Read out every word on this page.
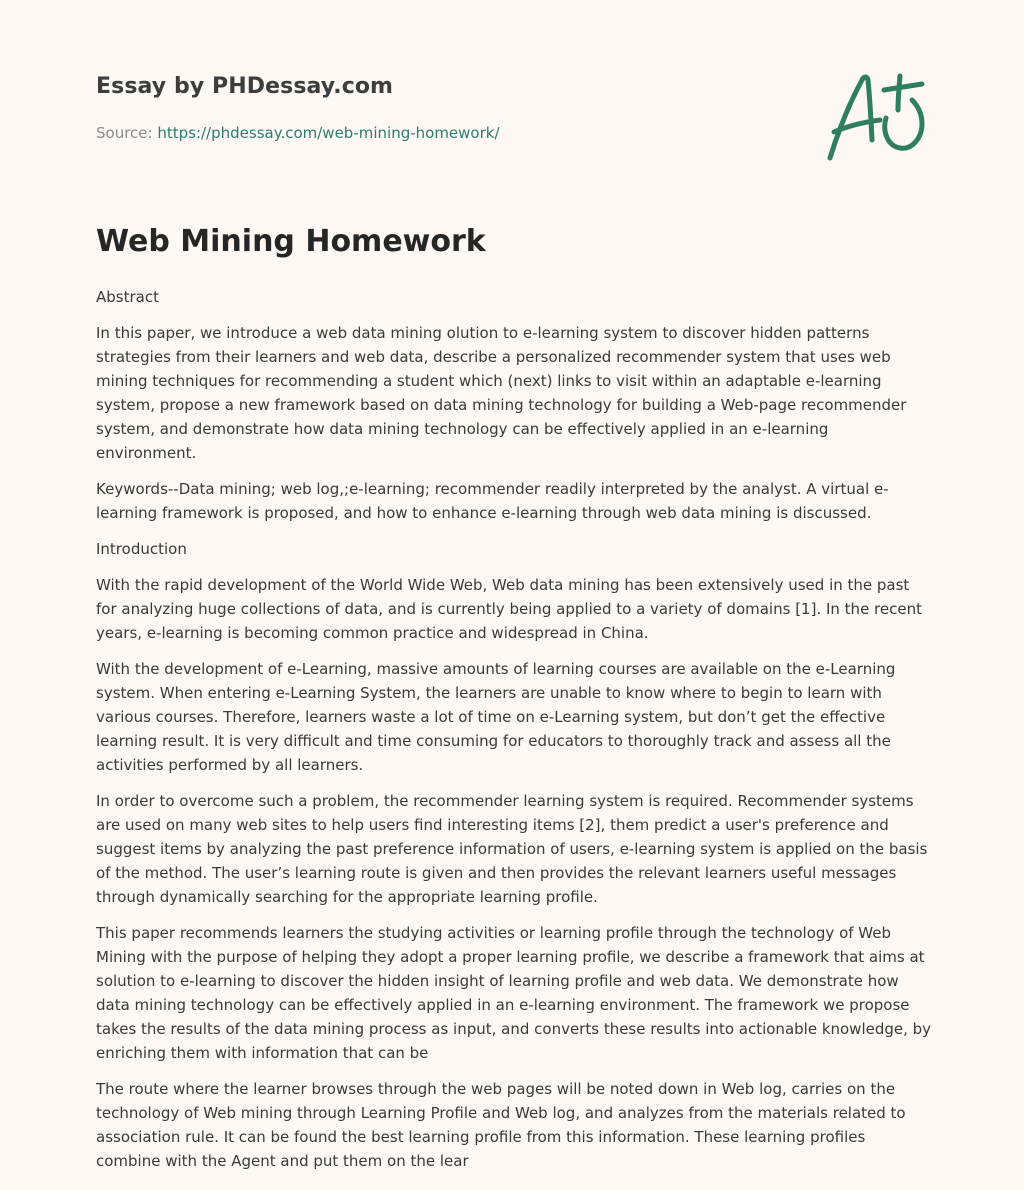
Essay by PHDessay.com
Source: https://phdessay.com/web-mining-homework/
Web Mining Homework

Abstract

In this paper, we introduce a web data mining olution to e-learning system to discover hidden patterns strategies from their learners and web data, describe a personalized recommender system that uses web mining techniques for recommending a student which (next) links to visit within an adaptable e-learning system, propose a new framework based on data mining technology for building a Web-page recommender system, and demonstrate how data mining technology can be effectively applied in an e-learning environment.

Keywords--Data mining; web log,;e-learning; recommender readily interpreted by the analyst. A virtual e-learning framework is proposed, and how to enhance e-learning through web data mining is discussed.

Introduction

With the rapid development of the World Wide Web, Web data mining has been extensively used in the past for analyzing huge collections of data, and is currently being applied to a variety of domains [1]. In the recent years, e-learning is becoming common practice and widespread in China.

With the development of e-Learning, massive amounts of learning courses are available on the e-Learning system. When entering e-Learning System, the learners are unable to know where to begin to learn with various courses. Therefore, learners waste a lot of time on e-Learning system, but don’t get the effective learning result. It is very difficult and time consuming for educators to thoroughly track and assess all the activities performed by all learners.

In order to overcome such a problem, the recommender learning system is required. Recommender systems are used on many web sites to help users find interesting items [2], them predict a user's preference and suggest items by analyzing the past preference information of users, e-learning system is applied on the basis of the method. The user’s learning route is given and then provides the relevant learners useful messages through dynamically searching for the appropriate learning profile.

This paper recommends learners the studying activities or learning profile through the technology of Web Mining with the purpose of helping they adopt a proper learning profile, we describe a framework that aims at solution to e-learning to discover the hidden insight of learning profile and web data. We demonstrate how data mining technology can be effectively applied in an e-learning environment. The framework we propose takes the results of the data mining process as input, and converts these results into actionable knowledge, by enriching them with information that can be

The route where the learner browses through the web pages will be noted down in Web log, carries on the technology of Web mining through Learning Profile and Web log, and analyzes from the materials related to association rule. It can be found the best learning profile from this information. These learning profiles combine with the Agent and put them on the lear
